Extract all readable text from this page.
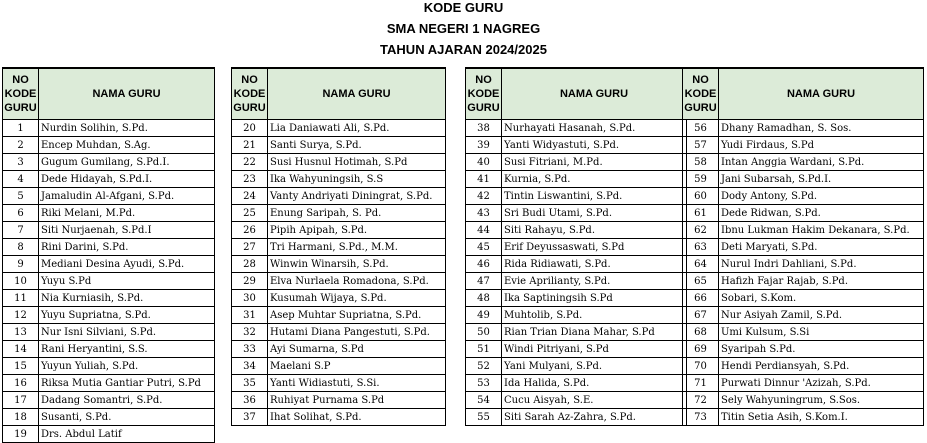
KODE GURU
SMA NEGERI 1 NAGREG
TAHUN AJARAN 2024/2025
NO
KODE
GURU	NAMA GURU
1	Nurdin Solihin, S.Pd.
2	Encep Muhdan, S.Ag.
3	Gugum Gumilang, S.Pd.I.
4	Dede Hidayah, S.Pd.I.
5	Jamaludin Al-Afgani, S.Pd.
6	Riki Melani, M.Pd.
7	Siti Nurjaenah, S.Pd.I
8	Rini Darini, S.Pd.
9	Mediani Desina Ayudi, S.Pd.
10	Yuyu S.Pd
11	Nia Kurniasih, S.Pd.
12	Yuyu Supriatna, S.Pd.
13	Nur Isni Silviani, S.Pd.
14	Rani Heryantini, S.S.
15	Yuyun Yuliah, S.Pd.
16	Riksa Mutia Gantiar Putri, S.Pd
17	Dadang Somantri, S.Pd.
18	Susanti, S.Pd.
19	Drs. Abdul Latif
NO
KODE
GURU	NAMA GURU
20	Lia Daniawati Ali, S.Pd.
21	Santi Surya, S.Pd.
22	Susi Husnul Hotimah, S.Pd
23	Ika Wahyuningsih, S.S
24	Vanty Andriyati Diningrat, S.Pd.
25	Enung Saripah, S. Pd.
26	Pipih Apipah, S.Pd.
27	Tri Harmani, S.Pd., M.M.
28	Winwin Winarsih, S.Pd.
29	Elva Nurlaela Romadona, S.Pd.
30	Kusumah Wijaya, S.Pd.
31	Asep Muhtar Supriatna, S.Pd.
32	Hutami Diana Pangestuti, S.Pd.
33	Ayi Sumarna, S.Pd
34	Maelani S.P
35	Yanti Widiastuti, S.Si.
36	Ruhiyat Purnama S.Pd
37	Ihat Solihat, S.Pd.
NO
KODE
GURU	NAMA GURU
38	Nurhayati Hasanah, S.Pd.
39	Yanti Widyastuti, S.Pd.
40	Susi Fitriani, M.Pd.
41	Kurnia, S.Pd.
42	Tintin Liswantini, S.Pd.
43	Sri Budi Utami, S.Pd.
44	Siti Rahayu, S.Pd.
45	Erif Deyussaswati, S.Pd
46	Rida Ridiawati, S.Pd.
47	Evie Aprilianty, S.Pd.
48	Ika Saptiningsih S.Pd
49	Muhtolib, S.Pd.
50	Rian Trian Diana Mahar, S.Pd
51	Windi Pitriyani, S.Pd
52	Yani Mulyani, S.Pd.
53	Ida Halida, S.Pd.
54	Cucu Aisyah, S.E.
55	Siti Sarah Az-Zahra, S.Pd.
NO
KODE
GURU	NAMA GURU
56	Dhany Ramadhan, S. Sos.
57	Yudi Firdaus, S.Pd
58	Intan Anggia Wardani, S.Pd.
59	Jani Subarsah, S.Pd.I.
60	Dody Antony, S.Pd.
61	Dede Ridwan, S.Pd.
62	Ibnu Lukman Hakim Dekanara, S.Pd.
63	Deti Maryati, S.Pd.
64	Nurul Indri Dahliani, S.Pd.
65	Hafizh Fajar Rajab, S.Pd.
66	Sobari, S.Kom.
67	Nur Asiyah Zamil, S.Pd.
68	Umi Kulsum, S.Si
69	Syaripah S.Pd.
70	Hendi Perdiansyah, S.Pd.
71	Purwati Dinnur 'Azizah, S.Pd.
72	Sely Wahyuningrum, S.Sos.
73	Titin Setia Asih, S.Kom.I.
